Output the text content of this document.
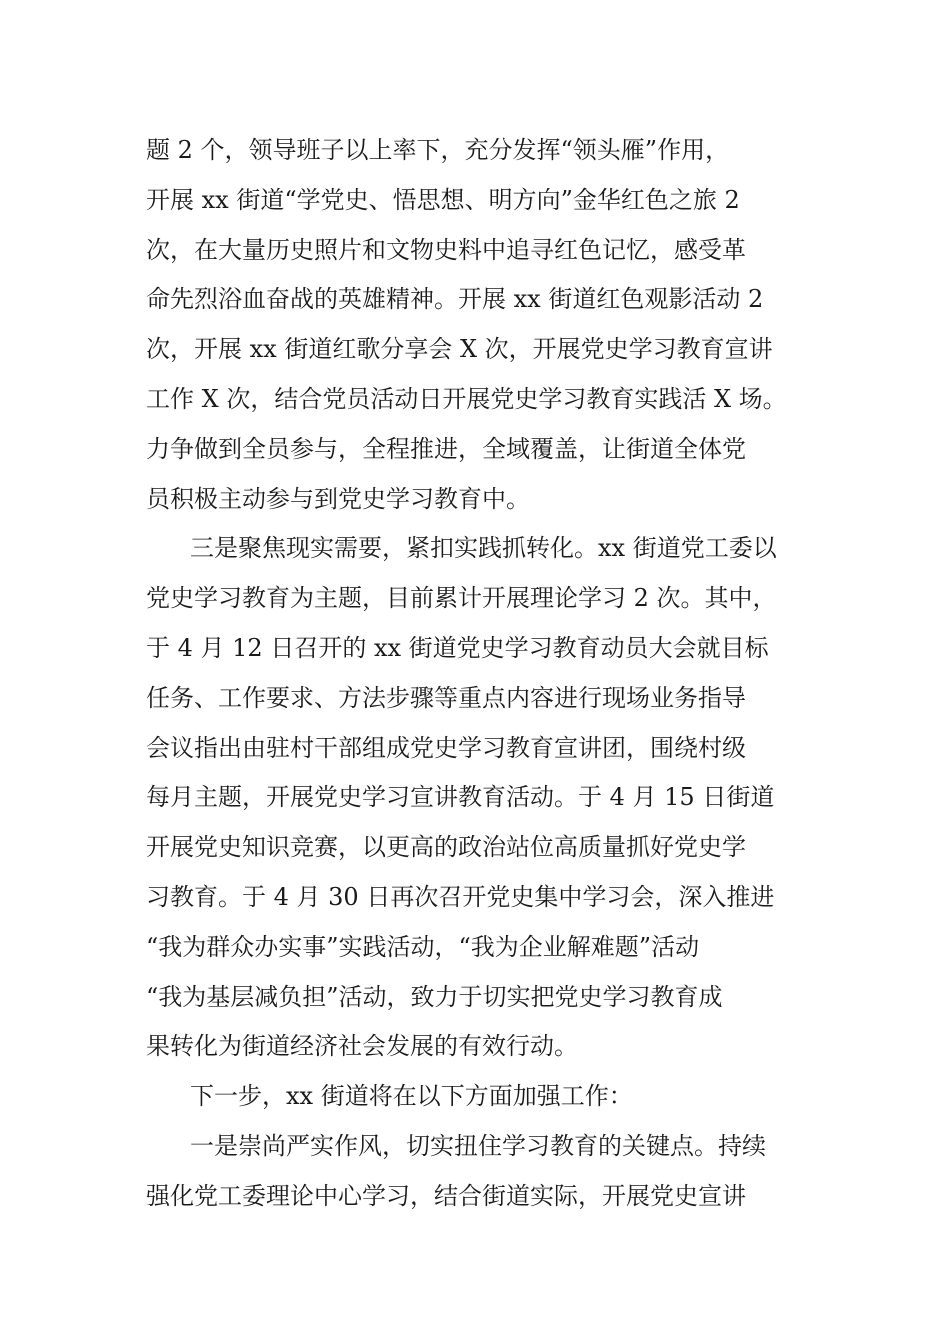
题 2 个，领导班子以上率下，充分发挥“领头雁”作用，
开展 xx 街道“学党史、悟思想、明方向”金华红色之旅 2
次，在大量历史照片和文物史料中追寻红色记忆，感受革
命先烈浴血奋战的英雄精神。开展 xx 街道红色观影活动 2
次，开展 xx 街道红歌分享会 X 次，开展党史学习教育宣讲
工作 X 次，结合党员活动日开展党史学习教育实践活 X 场。
力争做到全员参与，全程推进，全域覆盖，让街道全体党
员积极主动参与到党史学习教育中。
三是聚焦现实需要，紧扣实践抓转化。xx 街道党工委以
党史学习教育为主题，目前累计开展理论学习 2 次。其中，
于 4 月 12 日召开的 xx 街道党史学习教育动员大会就目标
任务、工作要求、方法步骤等重点内容进行现场业务指导
会议指出由驻村干部组成党史学习教育宣讲团，围绕村级
每月主题，开展党史学习宣讲教育活动。于 4 月 15 日街道
开展党史知识竞赛，以更高的政治站位高质量抓好党史学
习教育。于 4 月 30 日再次召开党史集中学习会，深入推进
“我为群众办实事”实践活动，“我为企业解难题”活动
“我为基层减负担”活动，致力于切实把党史学习教育成
果转化为街道经济社会发展的有效行动。
下一步，xx 街道将在以下方面加强工作：
一是崇尚严实作风，切实扭住学习教育的关键点。持续
强化党工委理论中心学习，结合街道实际，开展党史宣讲
